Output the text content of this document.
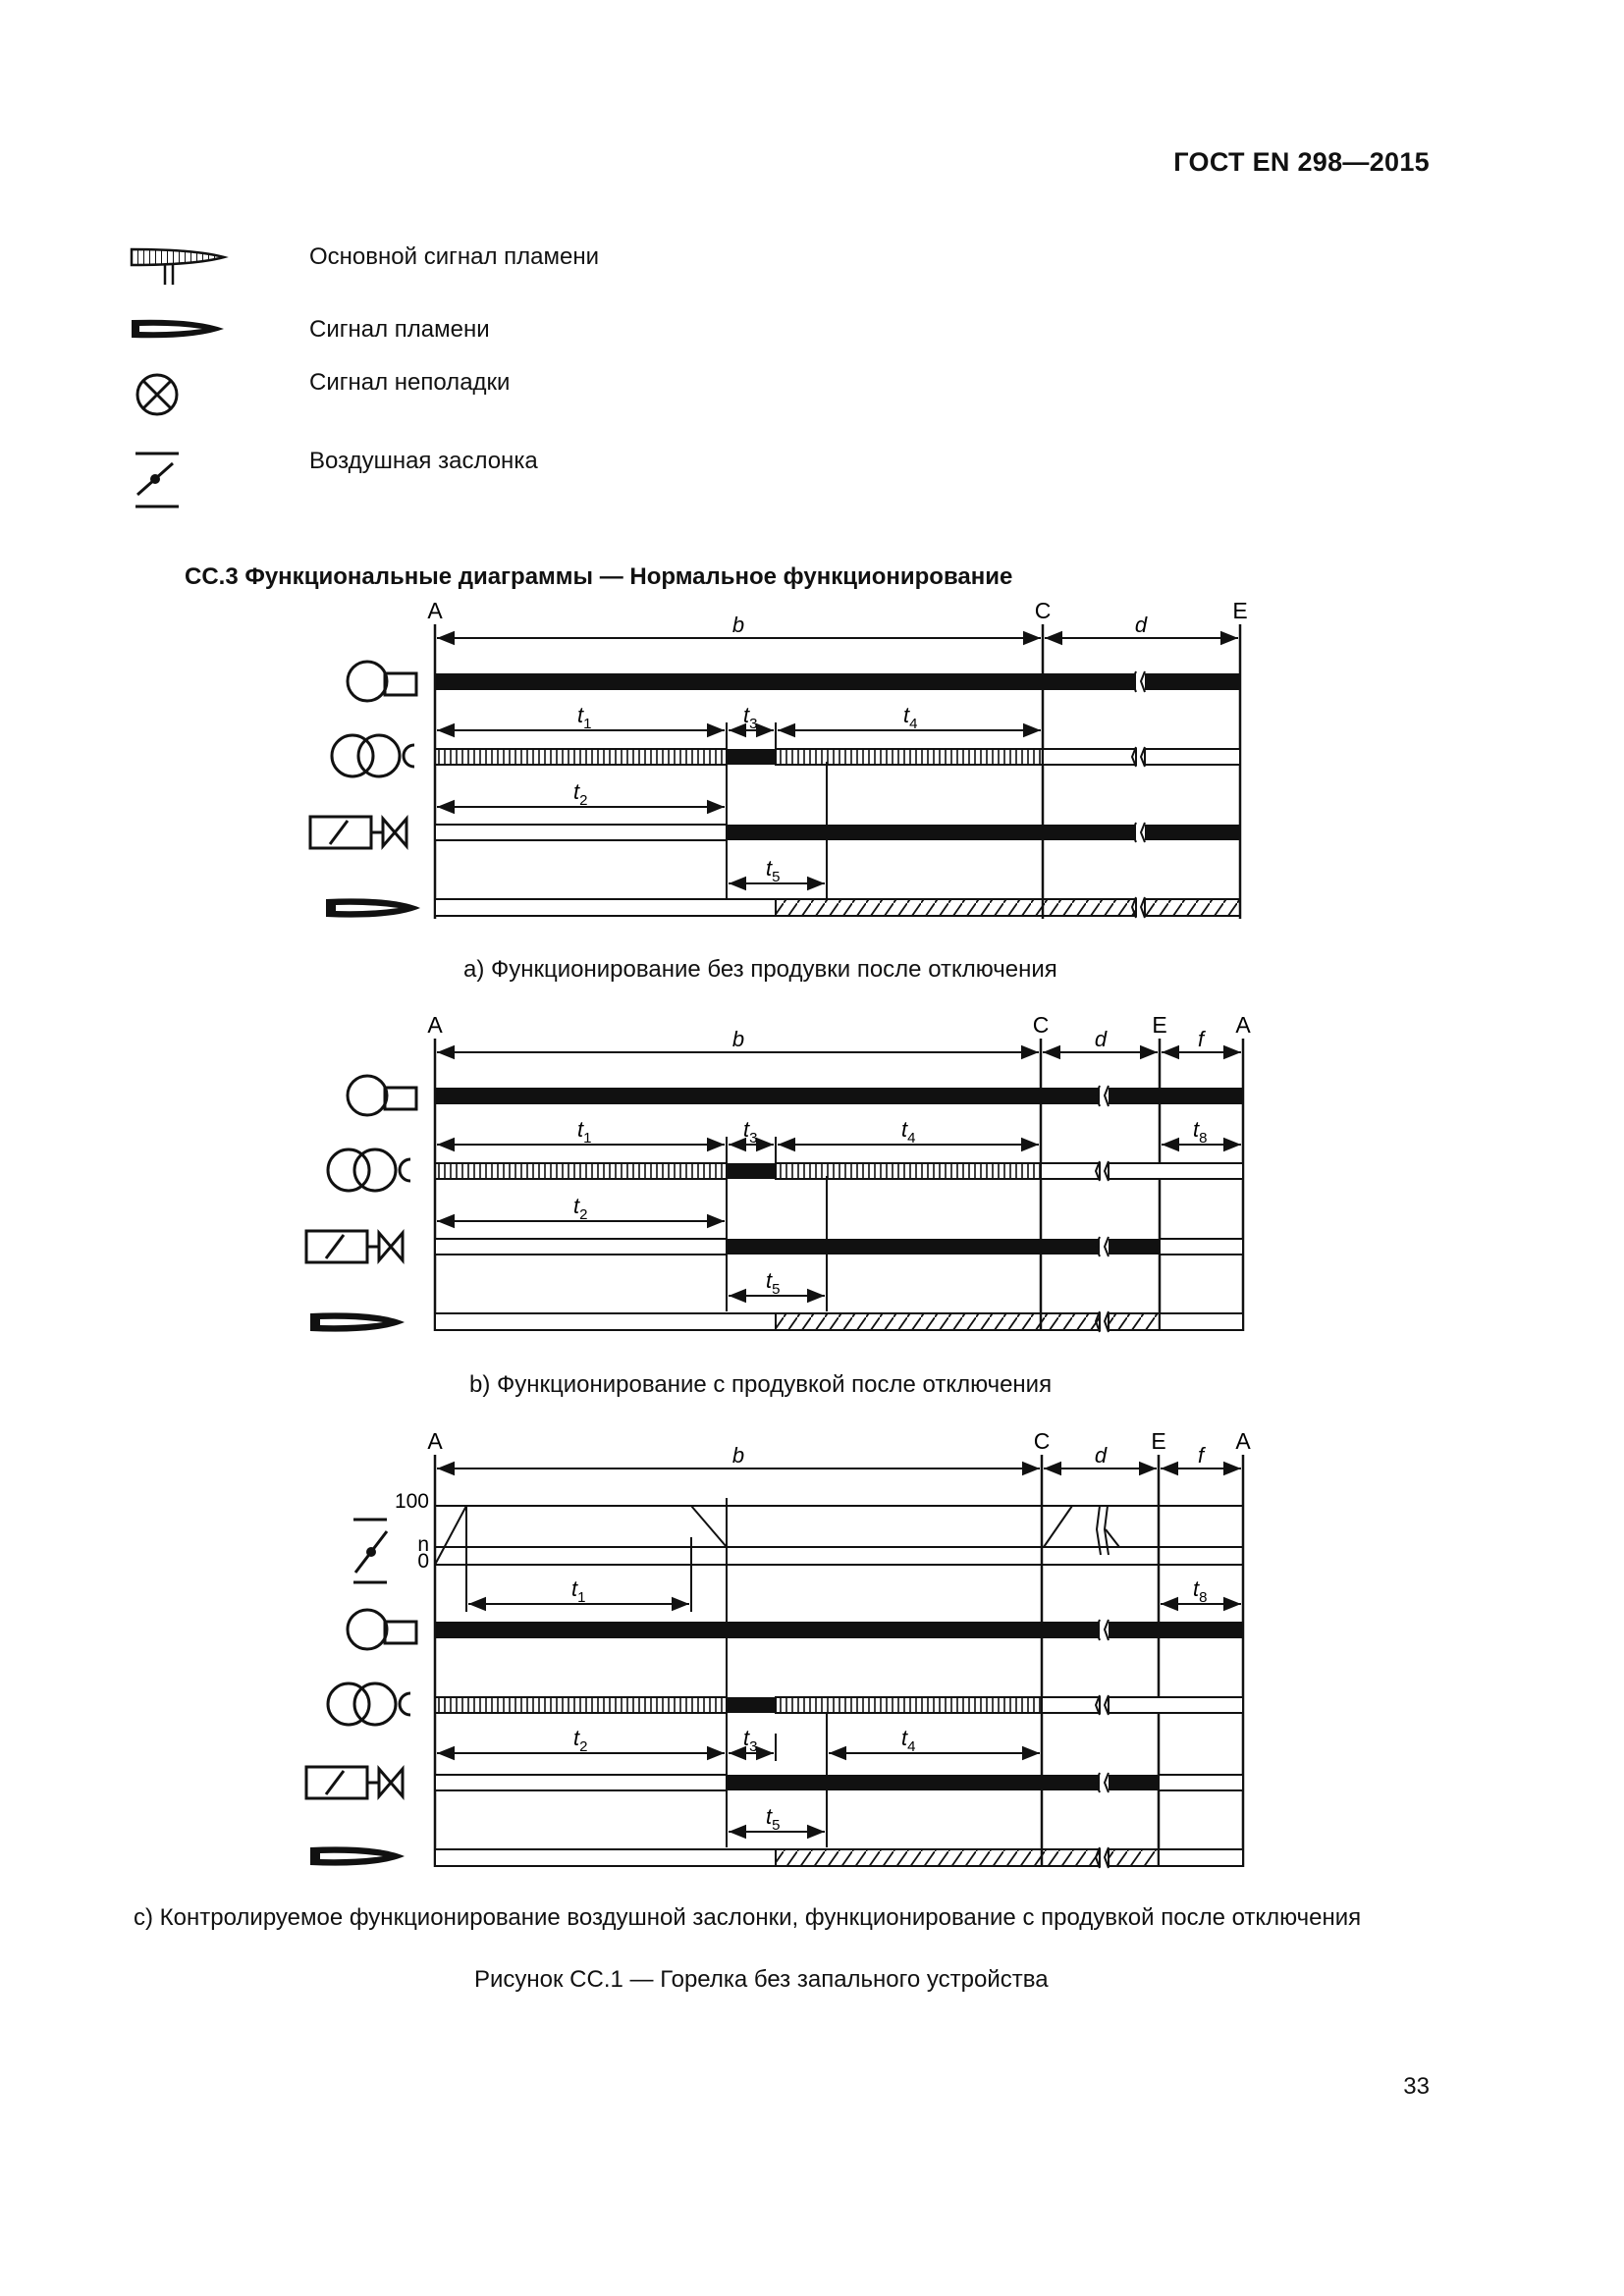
ГОСТ EN 298—2015
Основной сигнал пламени
Сигнал пламени
Сигнал неполадки
Воздушная заслонка
СС.3 Функциональные диаграммы — Нормальное функционирование
A	C	E
b	d
$t_1$	$t_3$	$t_4$
$t_2$
$t_5$
a) Функционирование без продувки после отключения
A	C	E	A
b	d	f
$t_1$	$t_3$	$t_4$	$t_8$
$t_2$
$t_5$
b) Функционирование с продувкой после отключения
A	C	E	A
b	d	f
100
n
0
$t_1$	$t_8$
$t_2$	$t_3$	$t_4$
$t_5$
c) Контролируемое функционирование воздушной заслонки, функционирование с продувкой после отключения
Рисунок СС.1 — Горелка без запального устройства
33
